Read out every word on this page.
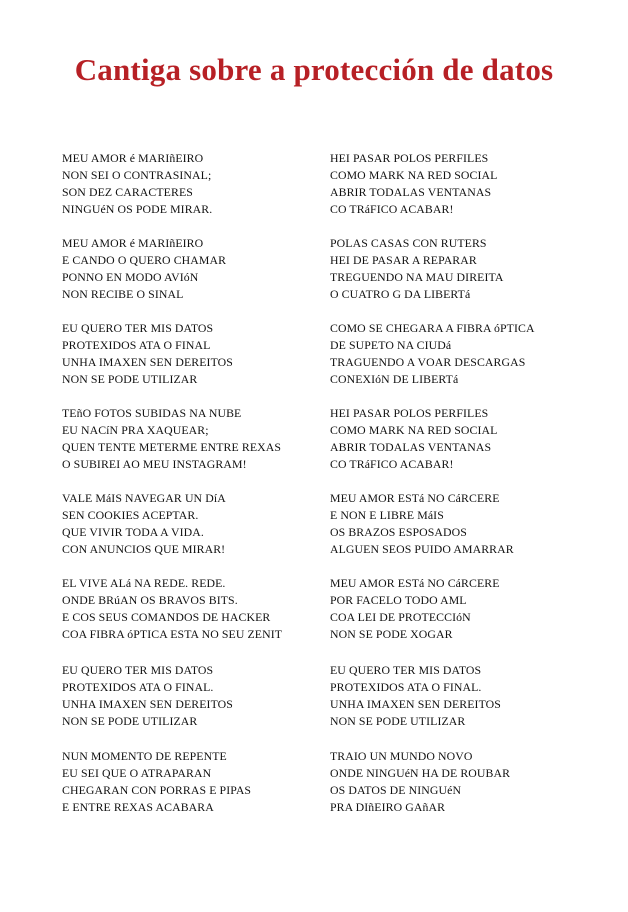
Cantiga sobre a protección de datos
MEU AMOR é MARIñEIRO
NON SEI O CONTRASINAL;
SON DEZ CARACTERES
NINGUéN OS PODE MIRAR.
MEU AMOR é MARIñEIRO
E CANDO O QUERO CHAMAR
PONNO EN MODO AVIóN
NON RECIBE O SINAL
EU QUERO TER MIS DATOS
PROTEXIDOS ATA O FINAL
UNHA IMAXEN SEN DEREITOS
NON SE PODE UTILIZAR
TEñO FOTOS SUBIDAS NA NUBE
EU NACíN PRA XAQUEAR;
QUEN TENTE METERME ENTRE REXAS
O SUBIREI AO MEU INSTAGRAM!
VALE MáIS NAVEGAR UN DíA
SEN COOKIES ACEPTAR.
QUE VIVIR TODA A VIDA.
CON ANUNCIOS QUE MIRAR!
EL VIVE ALá NA REDE. REDE.
ONDE BRúAN OS BRAVOS BITS.
E COS SEUS COMANDOS DE HACKER
COA FIBRA óPTICA ESTA NO SEU ZENIT
EU QUERO TER MIS DATOS
PROTEXIDOS ATA O FINAL.
UNHA IMAXEN SEN DEREITOS
NON SE PODE UTILIZAR
NUN MOMENTO DE REPENTE
EU SEI QUE O ATRAPARAN
CHEGARAN CON PORRAS E PIPAS
E ENTRE REXAS ACABARA
HEI PASAR POLOS PERFILES
COMO MARK NA RED SOCIAL
ABRIR TODALAS VENTANAS
CO TRáFICO ACABAR!
POLAS CASAS CON RUTERS
HEI DE PASAR A REPARAR
TREGUENDO NA MAU DIREITA
O CUATRO G DA LIBERTá
COMO SE CHEGARA A FIBRA óPTICA
DE SUPETO NA CIUDá
TRAGUENDO A VOAR DESCARGAS
CONEXIóN DE LIBERTá
HEI PASAR POLOS PERFILES
COMO MARK NA RED SOCIAL
ABRIR TODALAS VENTANAS
CO TRáFICO ACABAR!
MEU AMOR ESTá NO CáRCERE
E NON E LIBRE MáIS
OS BRAZOS ESPOSADOS
ALGUEN SEOS PUIDO AMARRAR
MEU AMOR ESTá NO CáRCERE
POR FACELO TODO AML
COA LEI DE PROTECCIóN
NON SE PODE XOGAR
EU QUERO TER MIS DATOS
PROTEXIDOS ATA O FINAL.
UNHA IMAXEN SEN DEREITOS
NON SE PODE UTILIZAR
TRAIO UN MUNDO NOVO
ONDE NINGUéN HA DE ROUBAR
OS DATOS DE NINGUéN
PRA DIñEIRO GAñAR
